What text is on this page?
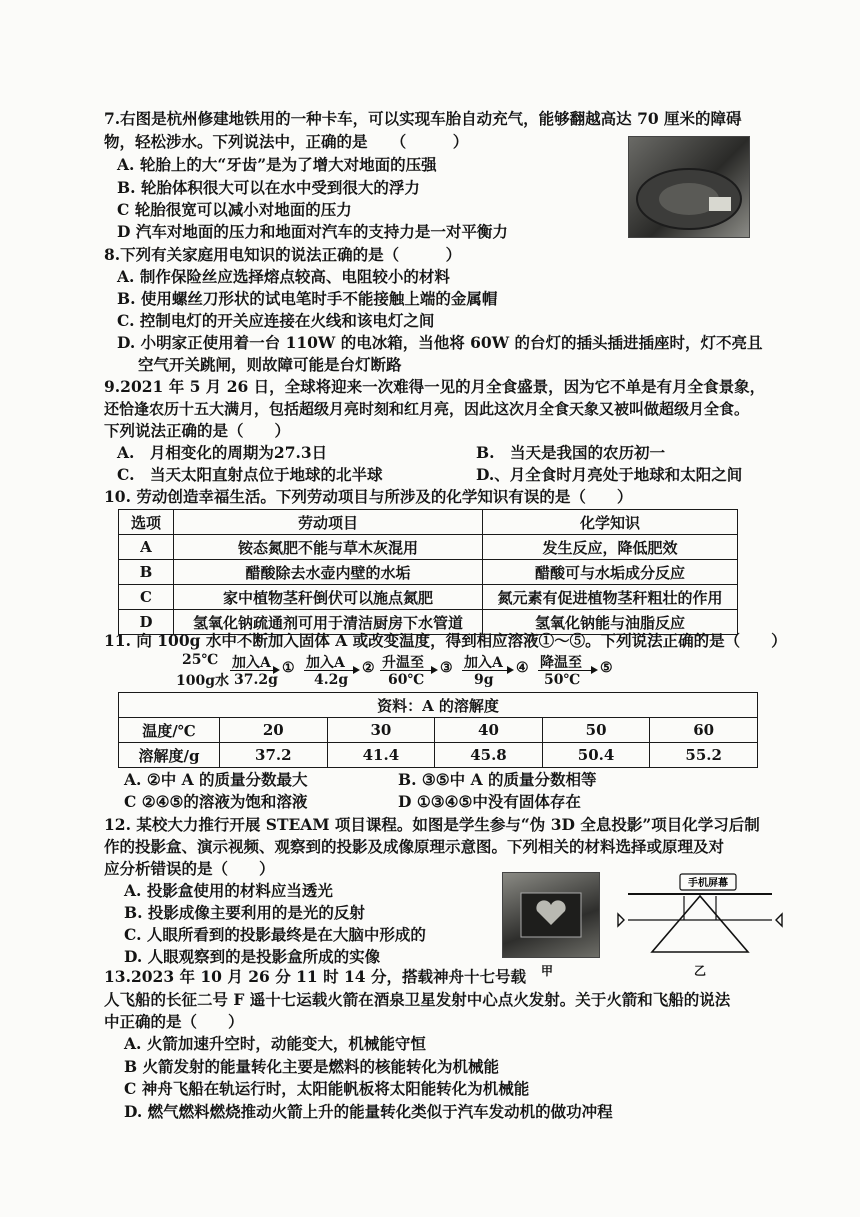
7.右图是杭州修建地铁用的一种卡车，可以实现车胎自动充气，能够翻越高达 70 厘米的障碍
物，轻松涉水。下列说法中，正确的是　　（　　　）
A. 轮胎上的大“牙齿”是为了增大对地面的压强
B. 轮胎体积很大可以在水中受到很大的浮力
C 轮胎很宽可以减小对地面的压力
D 汽车对地面的压力和地面对汽车的支持力是一对平衡力
8.下列有关家庭用电知识的说法正确的是（　　　）
A. 制作保险丝应选择熔点较高、电阻较小的材料
B. 使用螺丝刀形状的试电笔时手不能接触上端的金属帽
C. 控制电灯的开关应连接在火线和该电灯之间
D. 小明家正使用着一台 110W 的电冰箱，当他将 60W 的台灯的插头插进插座时，灯不亮且
空气开关跳闸，则故障可能是台灯断路
9.2021 年 5 月 26 日，全球将迎来一次难得一见的月全食盛景，因为它不单是有月全食景象，
还恰逢农历十五大满月，包括超级月亮时刻和红月亮，因此这次月全食天象又被叫做超级月全食。
下列说法正确的是（　　）
A.　月相变化的周期为27.3日	B.　当天是我国的农历初一
C.　当天太阳直射点位于地球的北半球	D.、月全食时月亮处于地球和太阳之间
10. 劳动创造幸福生活。下列劳动项目与所涉及的化学知识有误的是（　　）
选项	劳动项目	化学知识
A	铵态氮肥不能与草木灰混用	发生反应，降低肥效
B	醋酸除去水壶内壁的水垢	醋酸可与水垢成分反应
C	家中植物茎秆倒伏可以施点氮肥	氮元素有促进植物茎秆粗壮的作用
D	氢氧化钠疏通剂可用于清洁厨房下水管道	氢氧化钠能与油脂反应
11. 向 100g 水中不断加入固体 A 或改变温度，得到相应溶液①～⑤。下列说法正确的是（　　）
25℃
100g水
加入A
37.2g
① 加入A
4.2g
② 升温至
60℃
③ 加入A
9g
④ 降温至
50℃
⑤
资料：A 的溶解度					
温度/℃	20	30	40	50	60
溶解度/g	37.2	41.4	45.8	50.4	55.2
A. ②中 A 的质量分数最大	B. ③⑤中 A 的质量分数相等
C ②④⑤的溶液为饱和溶液	D ①③④⑤中没有固体存在
12. 某校大力推行开展 STEAM 项目课程。如图是学生参与“伪 3D 全息投影”项目化学习后制
作的投影盒、演示视频、观察到的投影及成像原理示意图。下列相关的材料选择或原理及对
应分析错误的是（　　）
A. 投影盒使用的材料应当透光
B. 投影成像主要利用的是光的反射
C. 人眼所看到的投影最终是在大脑中形成的
D. 人眼观察到的是投影盒所成的实像
甲
手机屏幕
乙
13.2023 年 10 月 26 分 11 时 14 分，搭载神舟十七号载
人飞船的长征二号 F 遥十七运载火箭在酒泉卫星发射中心点火发射。关于火箭和飞船的说法
中正确的是（　　）
A. 火箭加速升空时，动能变大，机械能守恒
B 火箭发射的能量转化主要是燃料的核能转化为机械能
C 神舟飞船在轨运行时，太阳能帆板将太阳能转化为机械能
D. 燃气燃料燃烧推动火箭上升的能量转化类似于汽车发动机的做功冲程
